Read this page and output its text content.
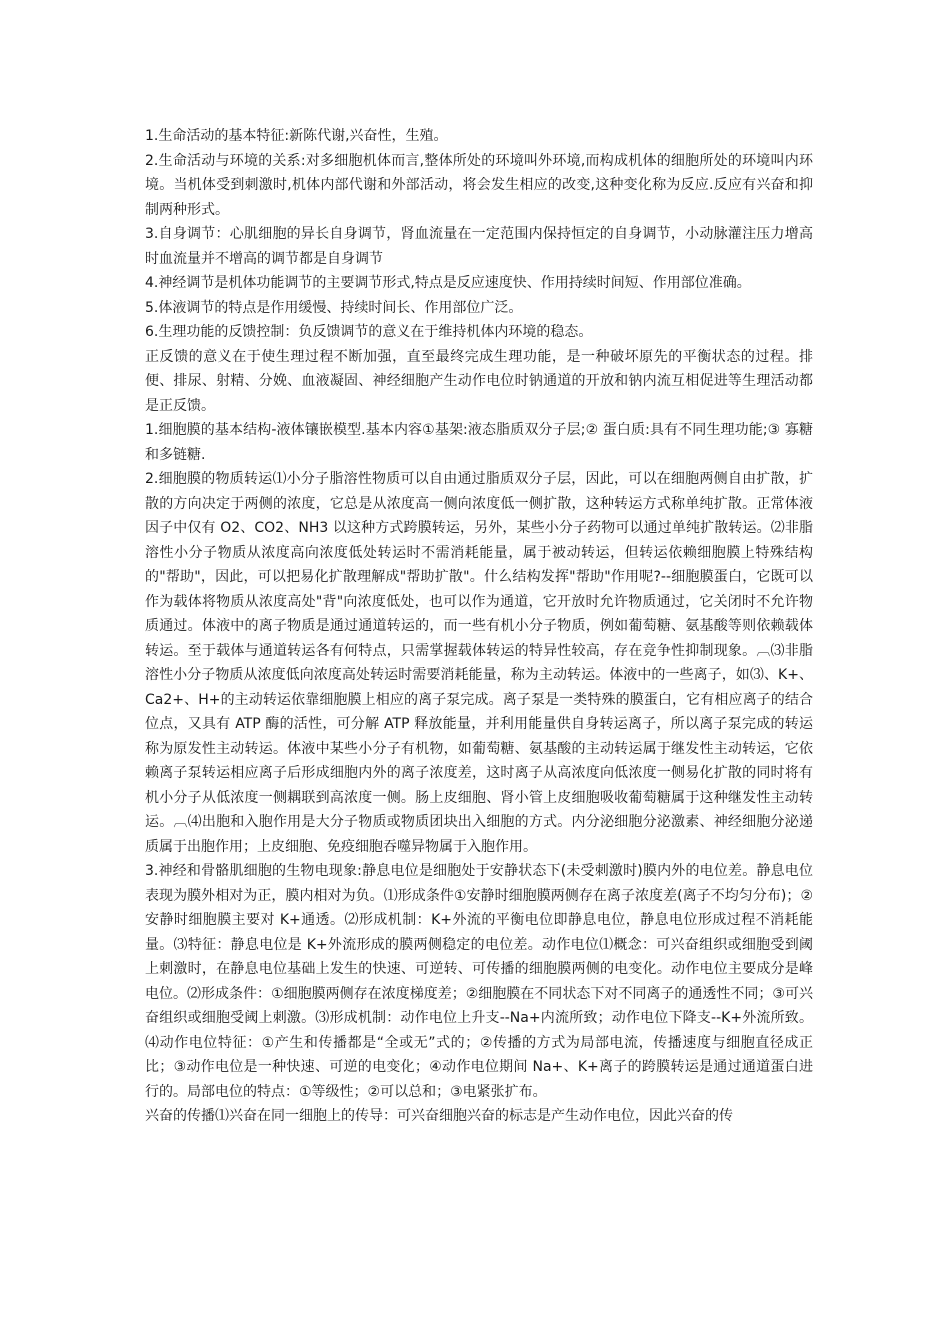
1.生命活动的基本特征:新陈代谢,兴奋性，生殖。

2.生命活动与环境的关系:对多细胞机体而言,整体所处的环境叫外环境,而构成机体的细胞所处的环境叫内环境。当机体受到刺激时,机体内部代谢和外部活动，将会发生相应的改变,这种变化称为反应.反应有兴奋和抑制两种形式。

3.自身调节：心肌细胞的异长自身调节，肾血流量在一定范围内保持恒定的自身调节，小动脉灌注压力增高时血流量并不增高的调节都是自身调节

4.神经调节是机体功能调节的主要调节形式,特点是反应速度快、作用持续时间短、作用部位准确。

5.体液调节的特点是作用缓慢、持续时间长、作用部位广泛。

6.生理功能的反馈控制：负反馈调节的意义在于维持机体内环境的稳态。

正反馈的意义在于使生理过程不断加强，直至最终完成生理功能，是一种破坏原先的平衡状态的过程。排便、排尿、射精、分娩、血液凝固、神经细胞产生动作电位时钠通道的开放和钠内流互相促进等生理活动都是正反馈。

1.细胞膜的基本结构-液体镶嵌模型.基本内容①基架:液态脂质双分子层;② 蛋白质:具有不同生理功能;③ 寡糖和多链糖.

2.细胞膜的物质转运⑴小分子脂溶性物质可以自由通过脂质双分子层，因此，可以在细胞两侧自由扩散，扩散的方向决定于两侧的浓度，它总是从浓度高一侧向浓度低一侧扩散，这种转运方式称单纯扩散。正常体液因子中仅有 O2、CO2、NH3 以这种方式跨膜转运，另外，某些小分子药物可以通过单纯扩散转运。⑵非脂溶性小分子物质从浓度高向浓度低处转运时不需消耗能量，属于被动转运，但转运依赖细胞膜上特殊结构的"帮助"，因此，可以把易化扩散理解成"帮助扩散"。什么结构发挥"帮助"作用呢?--细胞膜蛋白，它既可以作为载体将物质从浓度高处"背"向浓度低处，也可以作为通道，它开放时允许物质通过，它关闭时不允许物质通过。体液中的离子物质是通过通道转运的，而一些有机小分子物质，例如葡萄糖、氨基酸等则依赖载体转运。至于载体与通道转运各有何特点，只需掌握载体转运的特异性较高，存在竞争性抑制现象。︹⑶非脂溶性小分子物质从浓度低向浓度高处转运时需要消耗能量，称为主动转运。体液中的一些离子，如⑶、K+、Ca2+、H+的主动转运依靠细胞膜上相应的离子泵完成。离子泵是一类特殊的膜蛋白，它有相应离子的结合位点，又具有 ATP 酶的活性，可分解 ATP 释放能量，并利用能量供自身转运离子，所以离子泵完成的转运称为原发性主动转运。体液中某些小分子有机物，如葡萄糖、氨基酸的主动转运属于继发性主动转运，它依赖离子泵转运相应离子后形成细胞内外的离子浓度差，这时离子从高浓度向低浓度一侧易化扩散的同时将有机小分子从低浓度一侧耦联到高浓度一侧。肠上皮细胞、肾小管上皮细胞吸收葡萄糖属于这种继发性主动转运。︹⑷出胞和入胞作用是大分子物质或物质团块出入细胞的方式。内分泌细胞分泌激素、神经细胞分泌递质属于出胞作用；上皮细胞、免疫细胞吞噬异物属于入胞作用。

3.神经和骨骼肌细胞的生物电现象:静息电位是细胞处于安静状态下(未受刺激时)膜内外的电位差。静息电位表现为膜外相对为正，膜内相对为负。⑴形成条件①安静时细胞膜两侧存在离子浓度差(离子不均匀分布)；②安静时细胞膜主要对 K+通透。⑵形成机制：K+外流的平衡电位即静息电位，静息电位形成过程不消耗能量。⑶特征：静息电位是 K+外流形成的膜两侧稳定的电位差。动作电位⑴概念：可兴奋组织或细胞受到阈上刺激时，在静息电位基础上发生的快速、可逆转、可传播的细胞膜两侧的电变化。动作电位主要成分是峰电位。⑵形成条件：①细胞膜两侧存在浓度梯度差；②细胞膜在不同状态下对不同离子的通透性不同；③可兴奋组织或细胞受阈上刺激。⑶形成机制：动作电位上升支--Na+内流所致；动作电位下降支--K+外流所致。⑷动作电位特征：①产生和传播都是“全或无”式的；②传播的方式为局部电流，传播速度与细胞直径成正比；③动作电位是一种快速、可逆的电变化；④动作电位期间 Na+、K+离子的跨膜转运是通过通道蛋白进行的。局部电位的特点：①等级性；②可以总和；③电紧张扩布。

兴奋的传播⑴兴奋在同一细胞上的传导：可兴奋细胞兴奋的标志是产生动作电位，因此兴奋的传
